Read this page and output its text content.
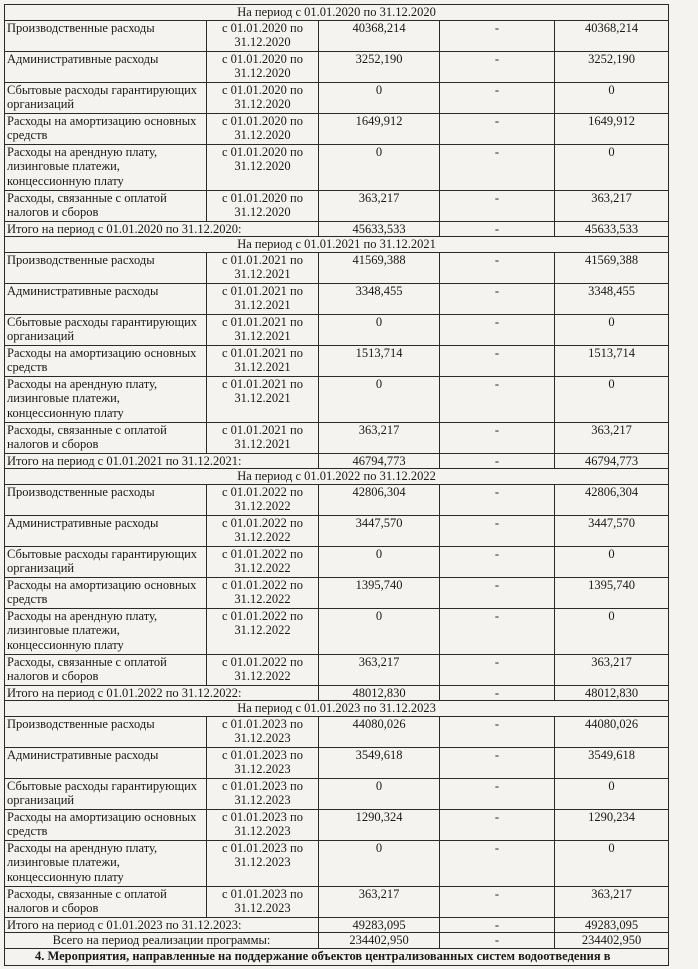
На период с 01.01.2020 по 31.12.2020				
Производственные расходы	с 01.01.2020 по 31.12.2020	40368,214	-	40368,214
Административные расходы	с 01.01.2020 по 31.12.2020	3252,190	-	3252,190
Сбытовые расходы гарантирующих организаций	с 01.01.2020 по 31.12.2020	0	-	0
Расходы на амортизацию основных средств	с 01.01.2020 по 31.12.2020	1649,912	-	1649,912
Расходы на арендную плату, лизинговые платежи, концессионную плату	с 01.01.2020 по 31.12.2020	0	-	0
Расходы, связанные с оплатой налогов и сборов	с 01.01.2020 по 31.12.2020	363,217	-	363,217
Итого на период с 01.01.2020 по 31.12.2020:		45633,533	-	45633,533
На период с 01.01.2021 по 31.12.2021				
Производственные расходы	с 01.01.2021 по 31.12.2021	41569,388	-	41569,388
Административные расходы	с 01.01.2021 по 31.12.2021	3348,455	-	3348,455
Сбытовые расходы гарантирующих организаций	с 01.01.2021 по 31.12.2021	0	-	0
Расходы на амортизацию основных средств	с 01.01.2021 по 31.12.2021	1513,714	-	1513,714
Расходы на арендную плату, лизинговые платежи, концессионную плату	с 01.01.2021 по 31.12.2021	0	-	0
Расходы, связанные с оплатой налогов и сборов	с 01.01.2021 по 31.12.2021	363,217	-	363,217
Итого на период с 01.01.2021 по 31.12.2021:		46794,773	-	46794,773
На период с 01.01.2022 по 31.12.2022				
Производственные расходы	с 01.01.2022 по 31.12.2022	42806,304	-	42806,304
Административные расходы	с 01.01.2022 по 31.12.2022	3447,570	-	3447,570
Сбытовые расходы гарантирующих организаций	с 01.01.2022 по 31.12.2022	0	-	0
Расходы на амортизацию основных средств	с 01.01.2022 по 31.12.2022	1395,740	-	1395,740
Расходы на арендную плату, лизинговые платежи, концессионную плату	с 01.01.2022 по 31.12.2022	0	-	0
Расходы, связанные с оплатой налогов и сборов	с 01.01.2022 по 31.12.2022	363,217	-	363,217
Итого на период с 01.01.2022 по 31.12.2022:		48012,830	-	48012,830
На период с 01.01.2023 по 31.12.2023				
Производственные расходы	с 01.01.2023 по 31.12.2023	44080,026	-	44080,026
Административные расходы	с 01.01.2023 по 31.12.2023	3549,618	-	3549,618
Сбытовые расходы гарантирующих организаций	с 01.01.2023 по 31.12.2023	0	-	0
Расходы на амортизацию основных средств	с 01.01.2023 по 31.12.2023	1290,324	-	1290,234
Расходы на арендную плату, лизинговые платежи, концессионную плату	с 01.01.2023 по 31.12.2023	0	-	0
Расходы, связанные с оплатой налогов и сборов	с 01.01.2023 по 31.12.2023	363,217	-	363,217
Итого на период с 01.01.2023 по 31.12.2023:		49283,095	-	49283,095
Всего на период реализации программы:		234402,950	-	234402,950
4. Мероприятия, направленные на поддержание объектов централизованных систем водоотведения в				
